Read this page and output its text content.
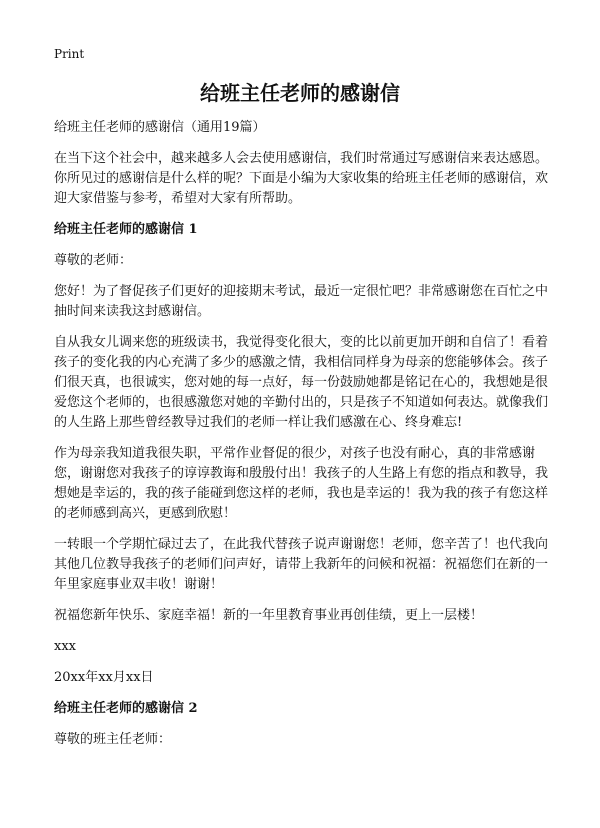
Print
给班主任老师的感谢信

给班主任老师的感谢信（通用19篇）

在当下这个社会中，越来越多人会去使用感谢信，我们时常通过写感谢信来表达感恩。你所见过的感谢信是什么样的呢？下面是小编为大家收集的给班主任老师的感谢信，欢迎大家借鉴与参考，希望对大家有所帮助。

给班主任老师的感谢信 1

尊敬的老师：

您好！为了督促孩子们更好的迎接期末考试，最近一定很忙吧？非常感谢您在百忙之中抽时间来读我这封感谢信。

自从我女儿调来您的班级读书，我觉得变化很大，变的比以前更加开朗和自信了！看着孩子的变化我的内心充满了多少的感激之情，我相信同样身为母亲的您能够体会。孩子们很天真，也很诚实，您对她的每一点好，每一份鼓励她都是铭记在心的，我想她是很爱您这个老师的，也很感激您对她的辛勤付出的，只是孩子不知道如何表达。就像我们的人生路上那些曾经教导过我们的老师一样让我们感激在心、终身难忘!

作为母亲我知道我很失职，平常作业督促的很少，对孩子也没有耐心，真的非常感谢您，谢谢您对我孩子的谆谆教诲和殷殷付出！我孩子的人生路上有您的指点和教导，我想她是幸运的，我的孩子能碰到您这样的老师，我也是幸运的！我为我的孩子有您这样的老师感到高兴，更感到欣慰！

一转眼一个学期忙碌过去了，在此我代替孩子说声谢谢您！老师，您辛苦了！也代我向其他几位教导我孩子的老师们问声好，请带上我新年的问候和祝福：祝福您们在新的一年里家庭事业双丰收！谢谢！

祝福您新年快乐、家庭幸福！新的一年里教育事业再创佳绩，更上一层楼！

xxx

20xx年xx月xx日

给班主任老师的感谢信 2

尊敬的班主任老师：
